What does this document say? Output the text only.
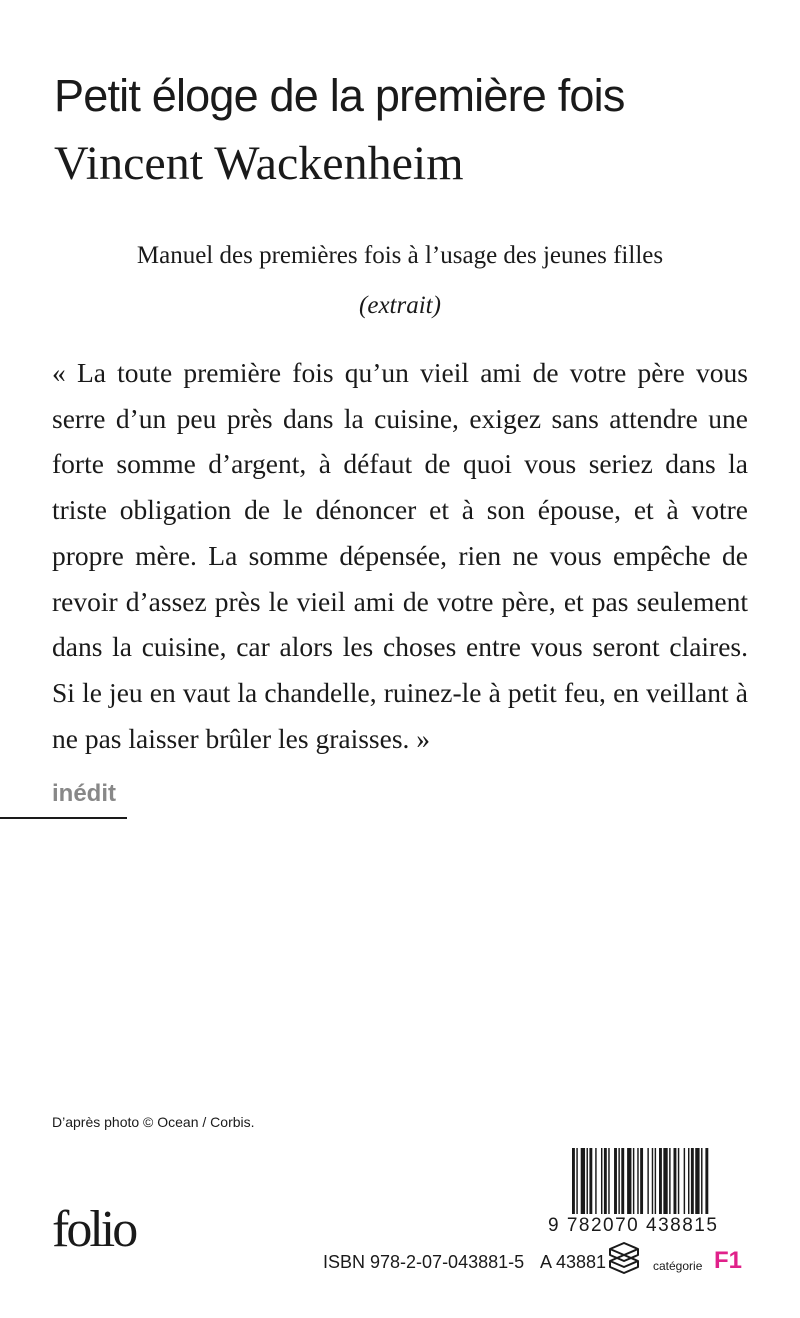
Petit éloge de la première fois
Vincent Wackenheim
Manuel des premières fois à l’usage des jeunes filles
(extrait)

« La toute première fois qu’un vieil ami de votre père vous serre d’un peu près dans la cuisine, exigez sans attendre une forte somme d’argent, à défaut de quoi vous seriez dans la triste obligation de le dénoncer et à son épouse, et à votre propre mère. La somme dépensée, rien ne vous empêche de revoir d’assez près le vieil ami de votre père, et pas seulement dans la cuisine, car alors les choses entre vous seront claires. Si le jeu en vaut la chandelle, ruinez-le à petit feu, en veillant à ne pas laisser brûler les graisses. »

inédit
D’après photo © Ocean / Corbis.
folio	9 782070 438815
ISBN 978-2-07-043881-5 A 43881	catégorie F1
